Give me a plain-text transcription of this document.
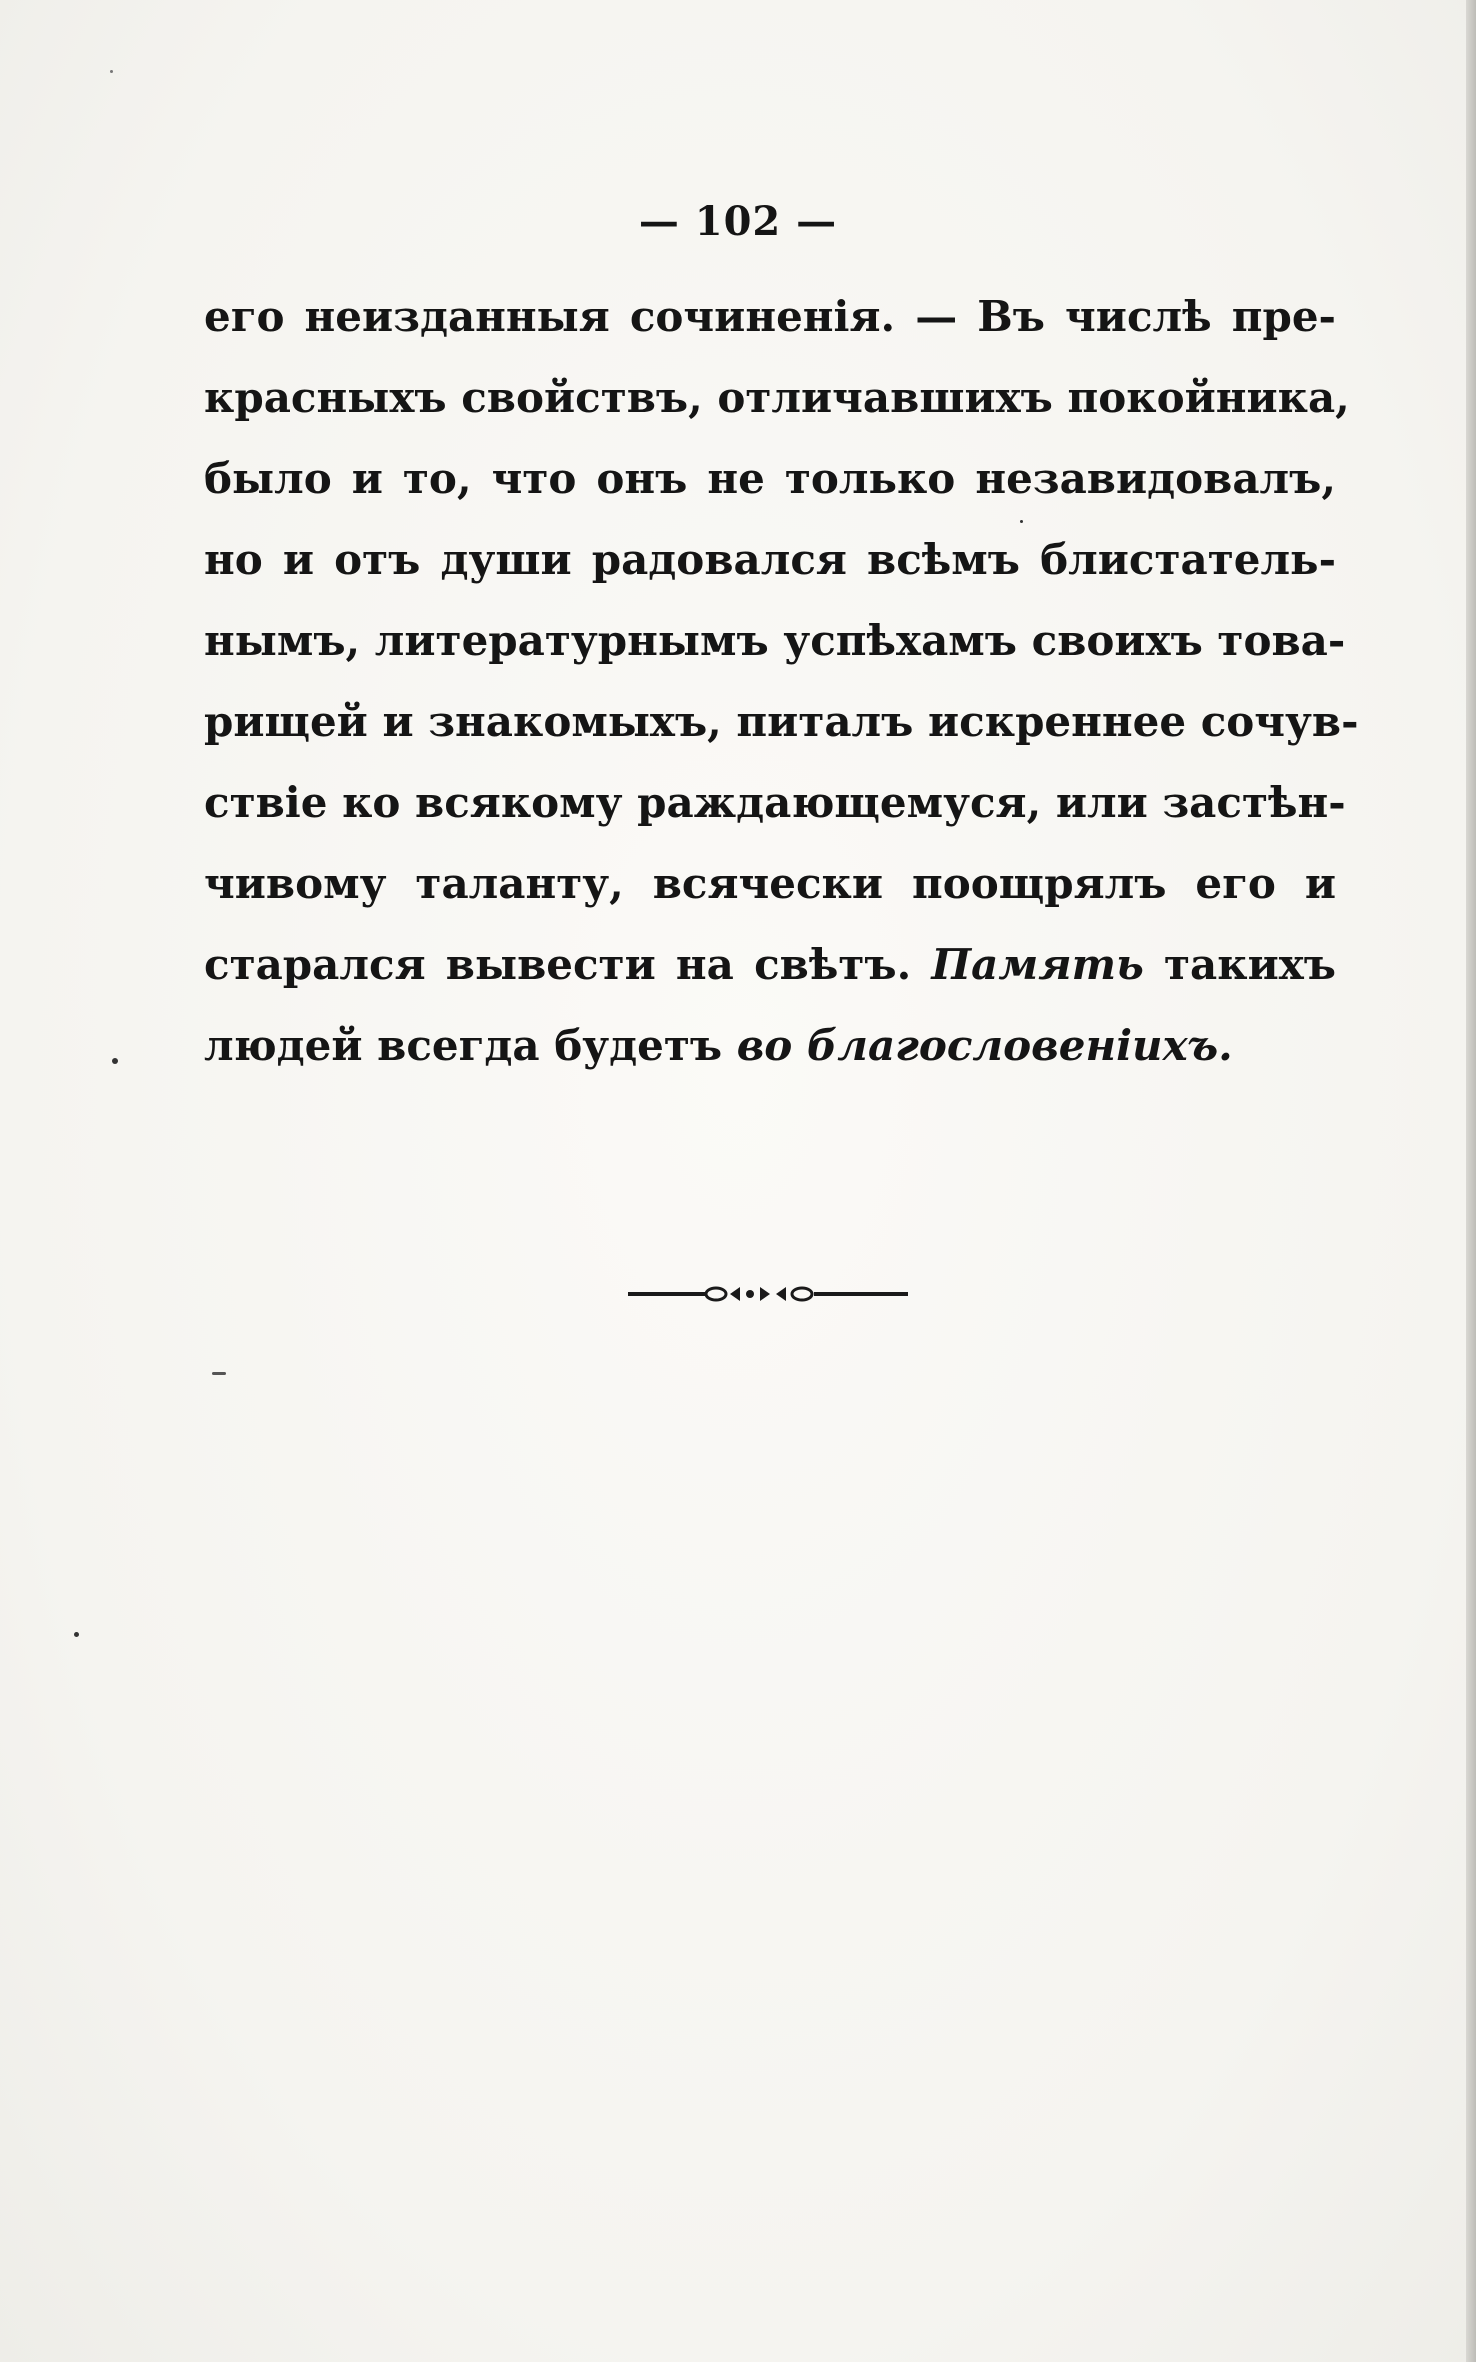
— 102 —
его неизданныя сочиненія. — Въ числѣ пре-
красныхъ свойствъ, отличавшихъ покойника,
было и то, что онъ не только незавидовалъ,
но и отъ души радовался всѣмъ блистатель-
нымъ, литературнымъ успѣхамъ своихъ това-
рищей и знакомыхъ, питалъ искреннее сочув-
ствіе ко всякому раждающемуся, или застѣн-
чивому таланту, всячески поощрялъ его и
старался вывести на свѣтъ. Память такихъ
людей всегда будетъ во благословеніихъ.
